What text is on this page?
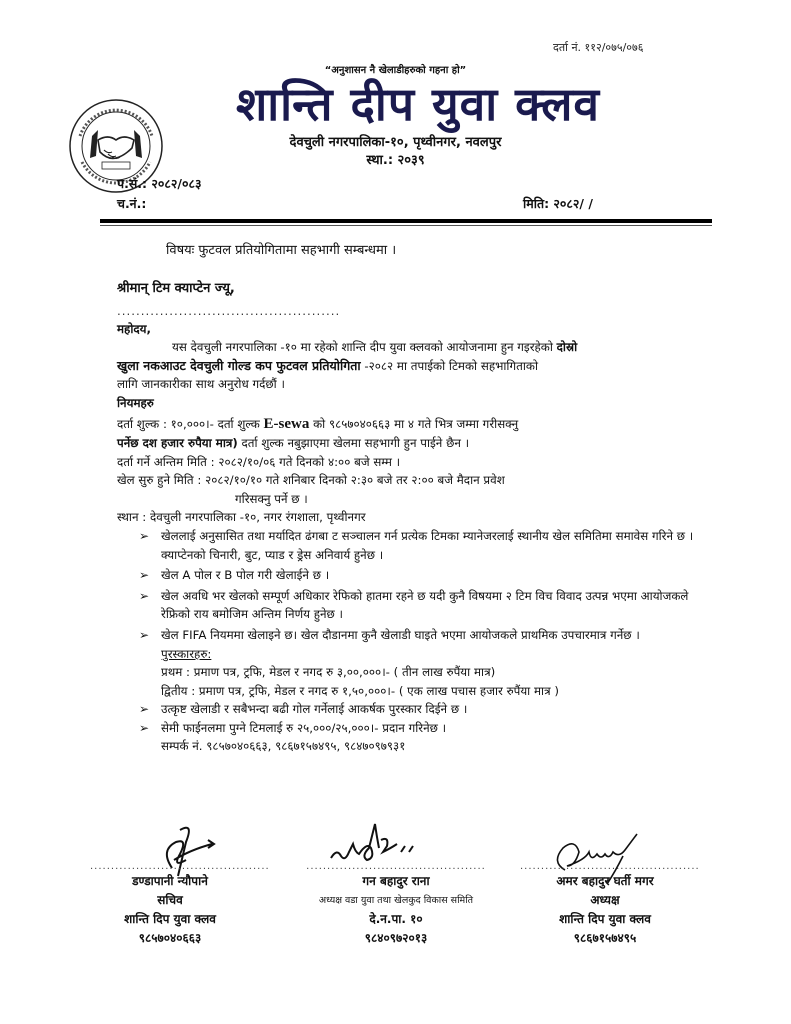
दर्ता नं. ११२/०७५/०७६
“अनुशासन नै खेलाडीहरुको गहना हो”
शान्ति दीप युवा क्लव
देवचुली नगरपालिका-१०, पृथ्वीनगर, नवलपुर
स्था.: २०३९
प.सं.: २०८२/०८३
च.नं.:	मिति: २०८२/ /
विषयः फुटवल प्रतियोगितामा सहभागी सम्बन्धमा ।
श्रीमान् टिम क्याप्टेन ज्यू,
...............................................
महोदय,
यस देवचुली नगरपालिका -१० मा रहेको शान्ति दीप युवा क्लवको आयोजनामा हुन गइरहेको दोस्रो
खुला नकआउट देवचुली गोल्ड कप फुटवल प्रतियोगिता -२०८२ मा तपाईको टिमको सहभागिताको
लागि जानकारीका साथ अनुरोध गर्दछौं ।
नियमहरु
दर्ता शुल्क : १०,०००।- दर्ता शुल्क E-sewa को ९८५७०४०६६३ मा ४ गते भित्र जम्मा गरीसक्नु
पर्नेछ दश हजार रुपैया मात्र) दर्ता शुल्क नबुझाएमा खेलमा सहभागी हुन पाईने छैन ।
दर्ता गर्ने अन्तिम मिति : २०८२/१०/०६ गते दिनको ४:०० बजे सम्म ।
खेल सुरु हुने मिति : २०८२/१०/१० गते शनिबार दिनको २:३० बजे तर २:०० बजे मैदान प्रवेश
गरिसक्नु पर्ने छ ।
स्थान : देवचुली नगरपालिका -१०, नगर रंगशाला, पृथ्वीनगर
➢	खेललाई अनुसासित तथा मर्यादित ढंगबा ट सञ्चालन गर्न प्रत्येक टिमका म्यानेजरलाई स्थानीय खेल समितिमा समावेस गरिने छ । क्याप्टेनको चिनारी, बुट, प्याड र ड्रेस अनिवार्य हुनेछ ।
➢	खेल A पोल र B पोल गरी खेलाईने छ ।
➢	खेल अवधि भर खेलको सम्पूर्ण अधिकार रेफिको हातमा रहने छ यदी कुनै विषयमा २ टिम विच विवाद उत्पन्न भएमा आयोजकले रेफ्रिको राय बमोजिम अन्तिम निर्णय हुनेछ ।
➢	खेल FIFA नियममा खेलाइने छ। खेल दौडानमा कुनै खेलाडी घाइते भएमा आयोजकले प्राथमिक उपचारमात्र गर्नेछ ।
पुरस्कारहरु:
प्रथम : प्रमाण पत्र, ट्रफि, मेडल र नगद रु ३,००,०००।- ( तीन लाख रुपैंया मात्र)
द्वितीय : प्रमाण पत्र, ट्रफि, मेडल र नगद रु १,५०,०००।- ( एक लाख पचास हजार रुपैंया मात्र )
➢	उत्कृष्ट खेलाडी र सबैभन्दा बढी गोल गर्नेलाई आकर्षक पुरस्कार दिईने छ ।
➢	सेमी फाईनलमा पुग्ने टिमलाई रु २५,०००/२५,०००।- प्रदान गरिनेछ ।
सम्पर्क नं. ९८५७०४०६६३, ९८६७१५७४९५, ९८४७०९७९३१
...........................................
डण्डापानी न्यौपाने
सचिव
शान्ति दिप युवा क्लव
९८५७०४०६६३
...........................................
गन बहादुर राना
अध्यक्ष वडा युवा तथा खेलकुद विकास समिति
दे.न.पा. १०
९८४०९७२०१३
...........................................
अमर बहादुर घर्ती मगर
अध्यक्ष
शान्ति दिप युवा क्लव
९८६७१५७४९५
